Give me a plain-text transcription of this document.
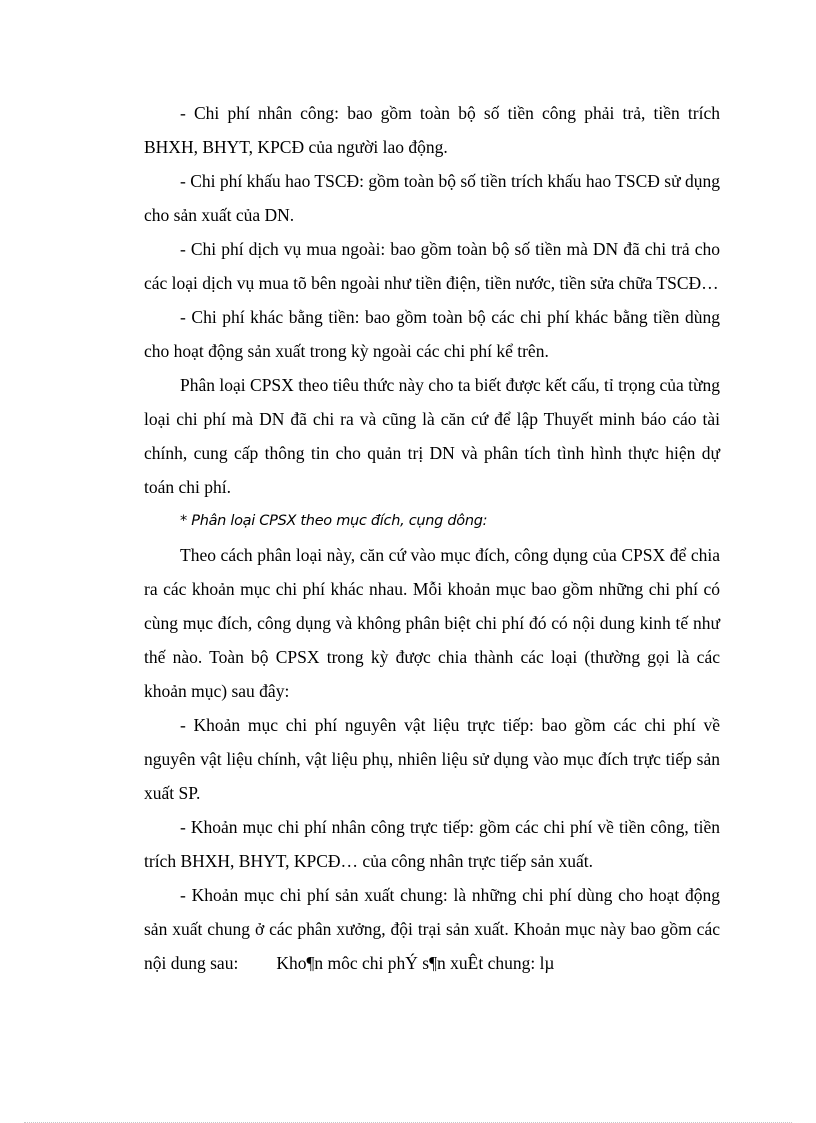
- Chi phí nhân công: bao gồm toàn bộ số tiền công phải trả, tiền trích BHXH, BHYT, KPCĐ của người lao động.

- Chi phí khấu hao TSCĐ: gồm toàn bộ số tiền trích khấu hao TSCĐ sử dụng cho sản xuất của DN.

- Chi phí dịch vụ mua ngoài: bao gồm toàn bộ số tiền mà DN đã chi trả cho các loại dịch vụ mua tõ bên ngoài như tiền điện, tiền nước, tiền sửa chữa TSCĐ…

- Chi phí khác bằng tiền: bao gồm toàn bộ các chi phí khác bằng tiền dùng cho hoạt động sản xuất trong kỳ ngoài các chi phí kể trên.

Phân loại CPSX theo tiêu thức này cho ta biết được kết cấu, tỉ trọng của từng loại chi phí mà DN đã chi ra và cũng là căn cứ để lập Thuyết minh báo cáo tài chính, cung cấp thông tin cho quản trị DN và phân tích tình hình thực hiện dự toán chi phí.

* Phân loại CPSX theo mục đích, cụng dông:

Theo cách phân loại này, căn cứ vào mục đích, công dụng của CPSX để chia ra các khoản mục chi phí khác nhau. Mỗi khoản mục bao gồm những chi phí có cùng mục đích, công dụng và không phân biệt chi phí đó có nội dung kinh tế như thế nào. Toàn bộ CPSX trong kỳ được chia thành các loại (thường gọi là các khoản mục) sau đây:

- Khoản mục chi phí nguyên vật liệu trực tiếp: bao gồm các chi phí về nguyên vật liệu chính, vật liệu phụ, nhiên liệu sử dụng vào mục đích trực tiếp sản xuất SP.

- Khoản mục chi phí nhân công trực tiếp: gồm các chi phí về tiền công, tiền trích BHXH, BHYT, KPCĐ… của công nhân trực tiếp sản xuất.

- Khoản mục chi phí sản xuất chung: là những chi phí dùng cho hoạt động sản xuất chung ở các phân xưởng, đội trại sản xuất. Khoản mục này bao gồm các nội dung sau: Kho¶n môc chi phÝ s¶n xuÊt chung: lµ
